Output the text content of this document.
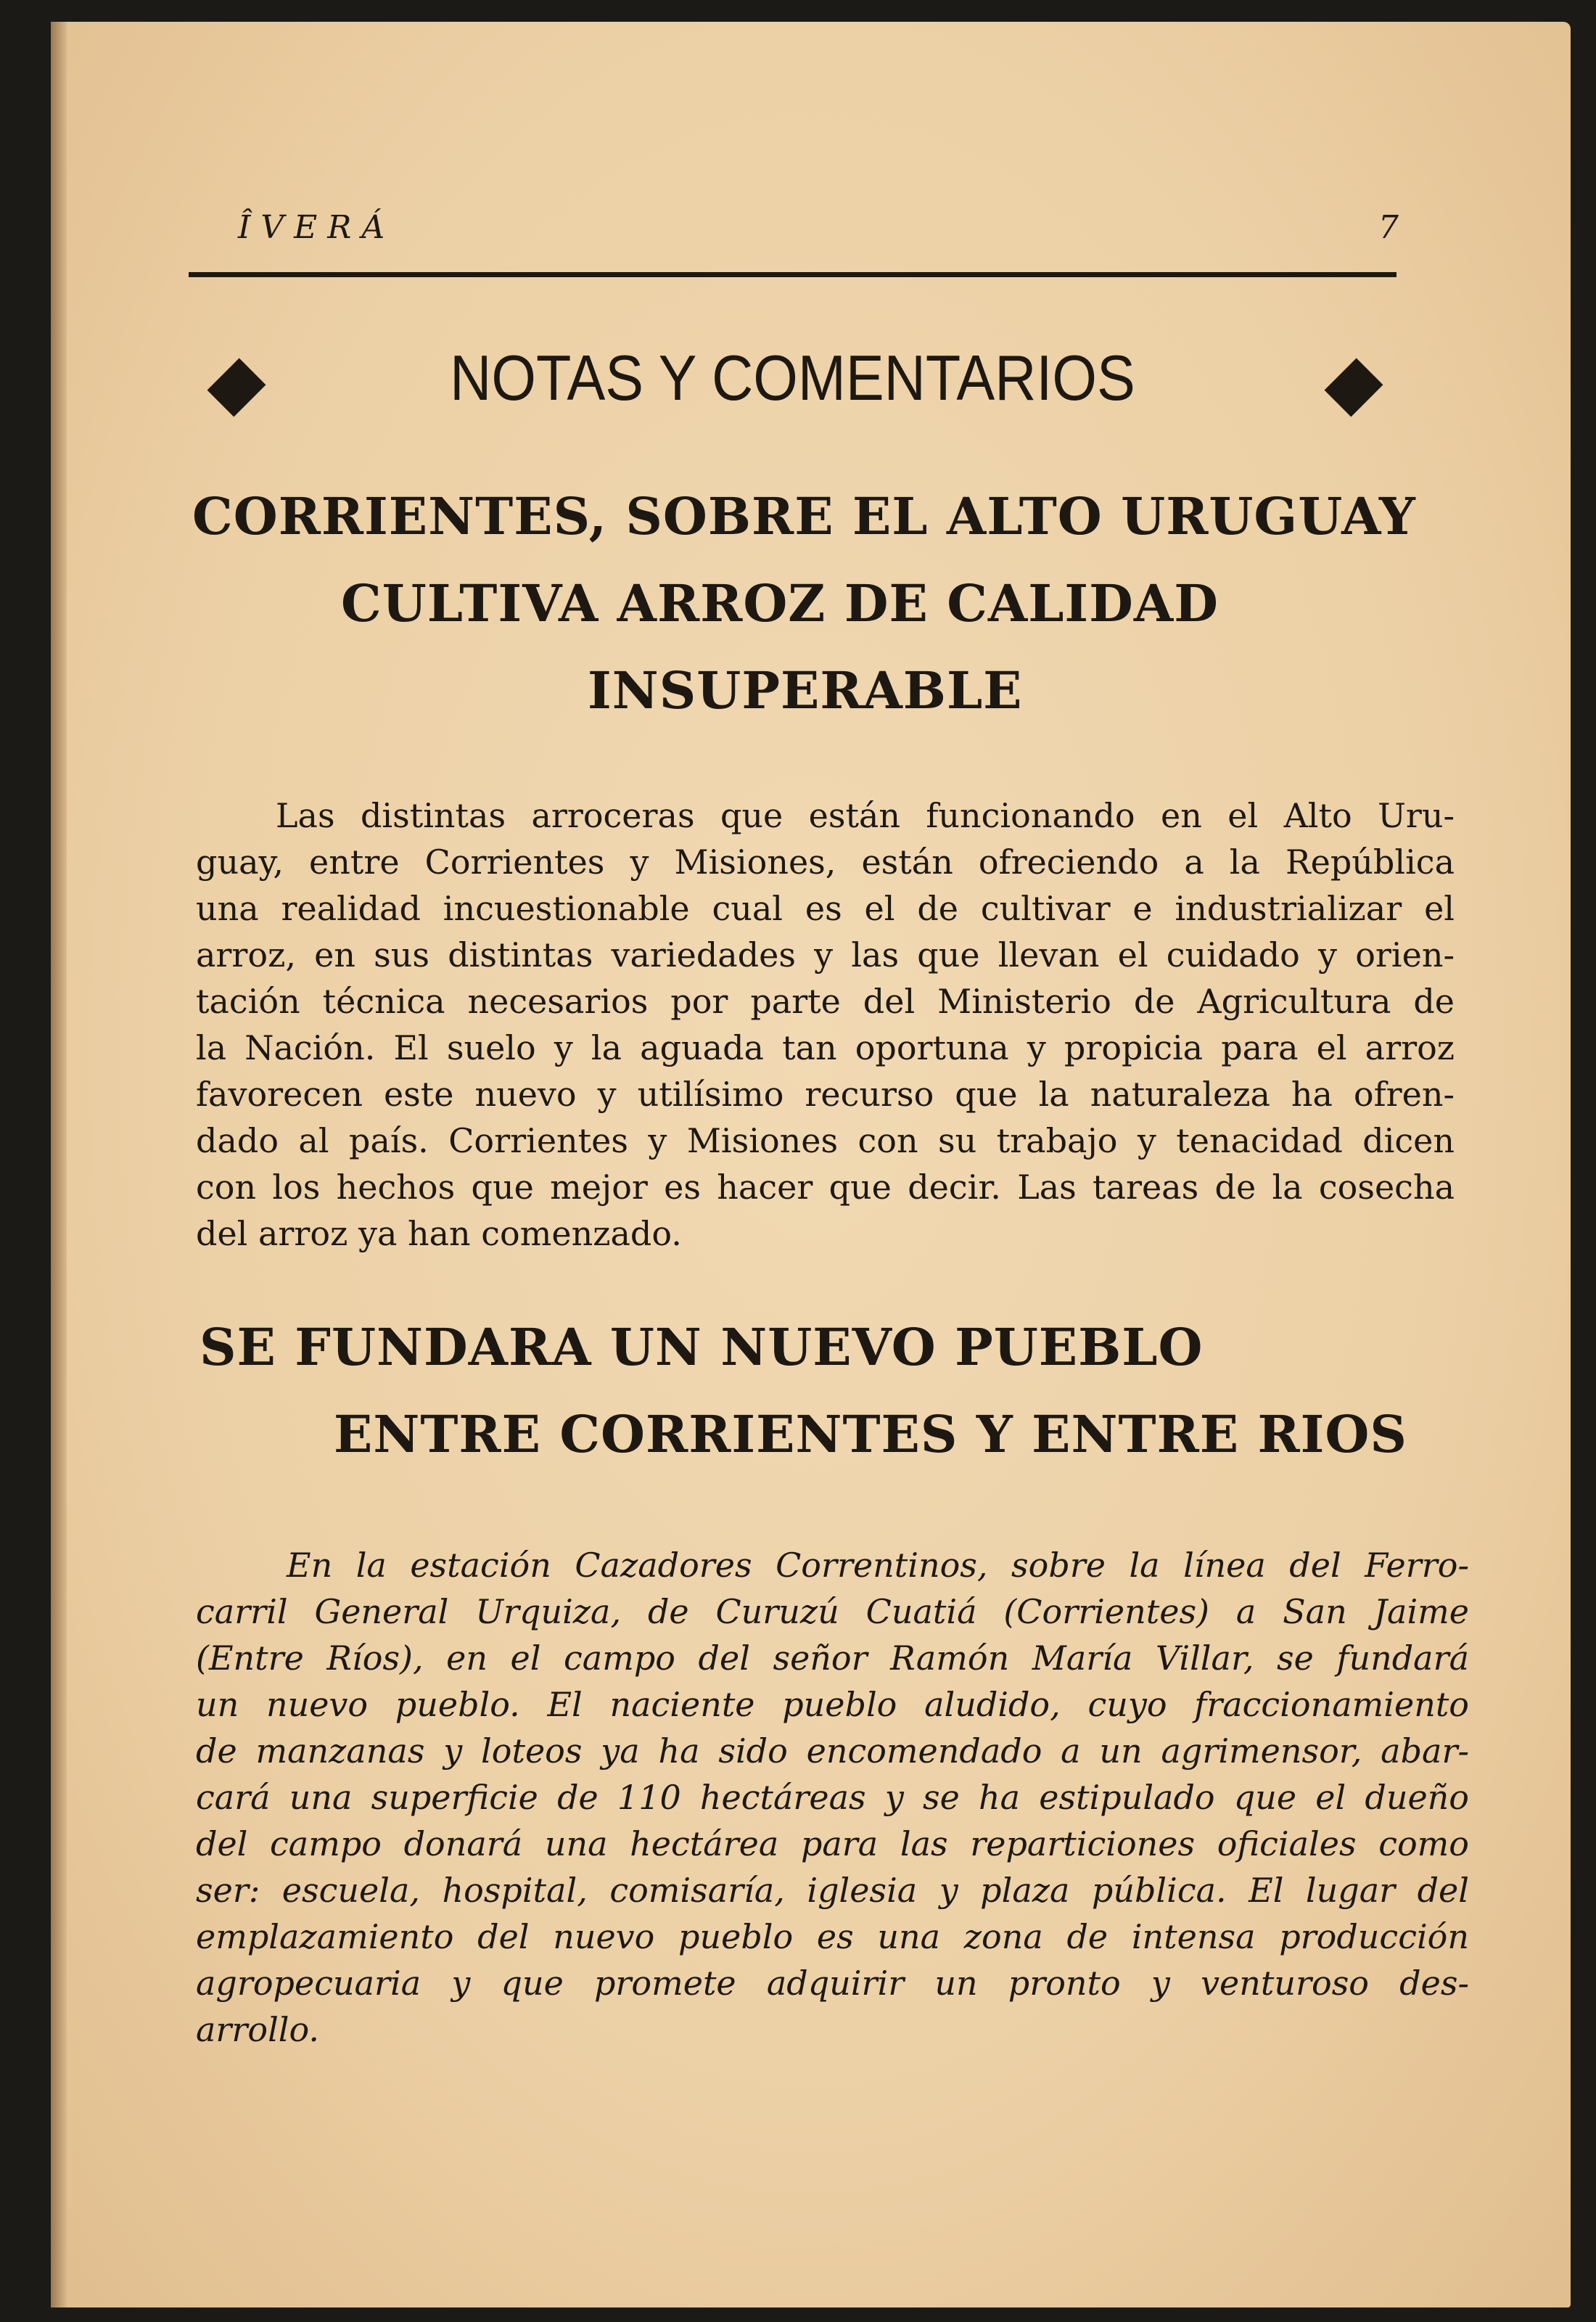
ÎVERÁ	7
NOTAS Y COMENTARIOS
CORRIENTES, SOBRE EL ALTO URUGUAY
CULTIVA ARROZ DE CALIDAD
INSUPERABLE
Las distintas arroceras que están funcionando en el Alto Uru-
guay, entre Corrientes y Misiones, están ofreciendo a la República
una realidad incuestionable cual es el de cultivar e industrializar el
arroz, en sus distintas variedades y las que llevan el cuidado y orien-
tación técnica necesarios por parte del Ministerio de Agricultura de
la Nación. El suelo y la aguada tan oportuna y propicia para el arroz
favorecen este nuevo y utilísimo recurso que la naturaleza ha ofren-
dado al país. Corrientes y Misiones con su trabajo y tenacidad dicen
con los hechos que mejor es hacer que decir. Las tareas de la cosecha
del arroz ya han comenzado.
SE FUNDARA UN NUEVO PUEBLO
ENTRE CORRIENTES Y ENTRE RIOS
En la estación Cazadores Correntinos, sobre la línea del Ferro-
carril General Urquiza, de Curuzú Cuatiá (Corrientes) a San Jaime
(Entre Ríos), en el campo del señor Ramón María Villar, se fundará
un nuevo pueblo. El naciente pueblo aludido, cuyo fraccionamiento
de manzanas y loteos ya ha sido encomendado a un agrimensor, abar-
cará una superficie de 110 hectáreas y se ha estipulado que el dueño
del campo donará una hectárea para las reparticiones oficiales como
ser: escuela, hospital, comisaría, iglesia y plaza pública. El lugar del
emplazamiento del nuevo pueblo es una zona de intensa producción
agropecuaria y que promete adquirir un pronto y venturoso des-
arrollo.
